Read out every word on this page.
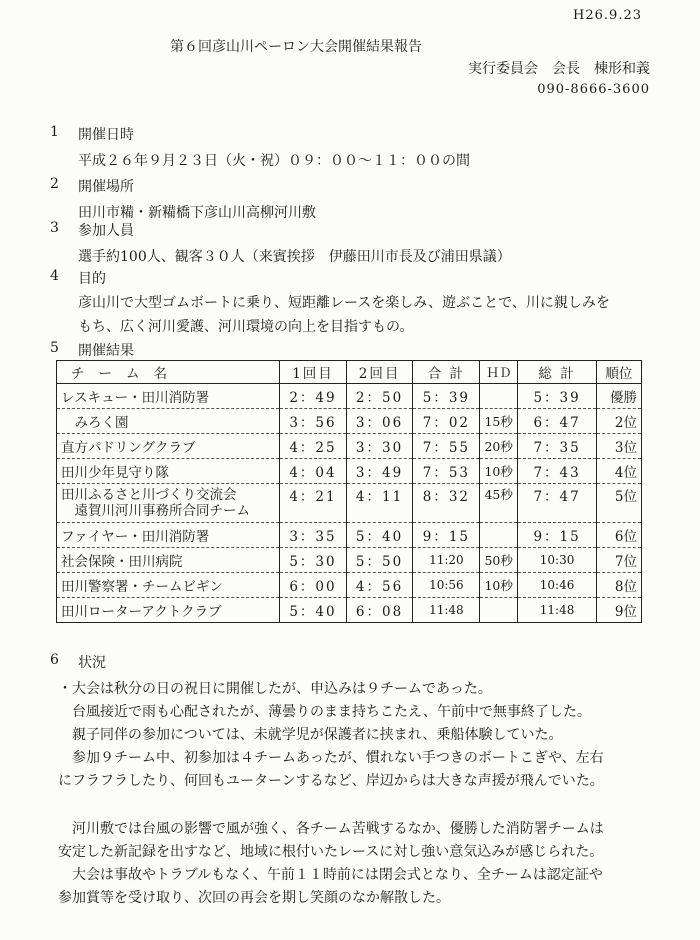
H26.9.23
第６回彦山川ペーロン大会開催結果報告
実行委員会　会長　棟形和義
090-8666-3600
1 開催日時
平成２６年９月２３日（火・祝）０９：００～１１：００の間
2 開催場所
田川市糒・新糒橋下彦山川高柳河川敷
3 参加人員
選手約100人、観客３０人（来賓挨拶　伊藤田川市長及び浦田県議）
4 目的
彦山川で大型ゴムボートに乗り、短距離レースを楽しみ、遊ぶことで、川に親しみを
もち、広く河川愛護、河川環境の向上を目指すもの。
5 開催結果
チーム名	1回目	2回目	合 計	ＨＤ	総 計	順位
レスキュー・田川消防署	2：49	2：50	5：39		5：39	優勝
　みろく園	3：56	3：06	7：02	15秒	6：47	2位
直方パドリングクラブ	4：25	3：30	7：55	20秒	7：35	3位
田川少年見守り隊	4：04	3：49	7：53	10秒	7：43	4位

田川ふるさと川づくり交流会
　遠賀川河川事務所合同チーム	4：21	4：11	8：32	45秒	7：47	5位
ファイヤー・田川消防署	3：35	5：40	9：15		9：15	6位
社会保険・田川病院	5：30	5：50	11:20	50秒	10:30	7位
田川警察署・チームビギン	6：00	4：56	10:56	10秒	10:46	8位
田川ローターアクトクラブ	5：40	6：08	11:48		11:48	9位
6 状況
・大会は秋分の日の祝日に開催したが、申込みは９チームであった。
　台風接近で雨も心配されたが、薄曇りのまま持ちこたえ、午前中で無事終了した。
　親子同伴の参加については、未就学児が保護者に挟まれ、乗船体験していた。
　参加９チーム中、初参加は４チームあったが、慣れない手つきのボートこぎや、左右
にフラフラしたり、何回もユーターンするなど、岸辺からは大きな声援が飛んでいた。
　河川敷では台風の影響で風が強く、各チーム苦戦するなか、優勝した消防署チームは
安定した新記録を出すなど、地域に根付いたレースに対し強い意気込みが感じられた。
　大会は事故やトラブルもなく、午前１１時前には閉会式となり、全チームは認定証や
参加賞等を受け取り、次回の再会を期し笑顔のなか解散した。
